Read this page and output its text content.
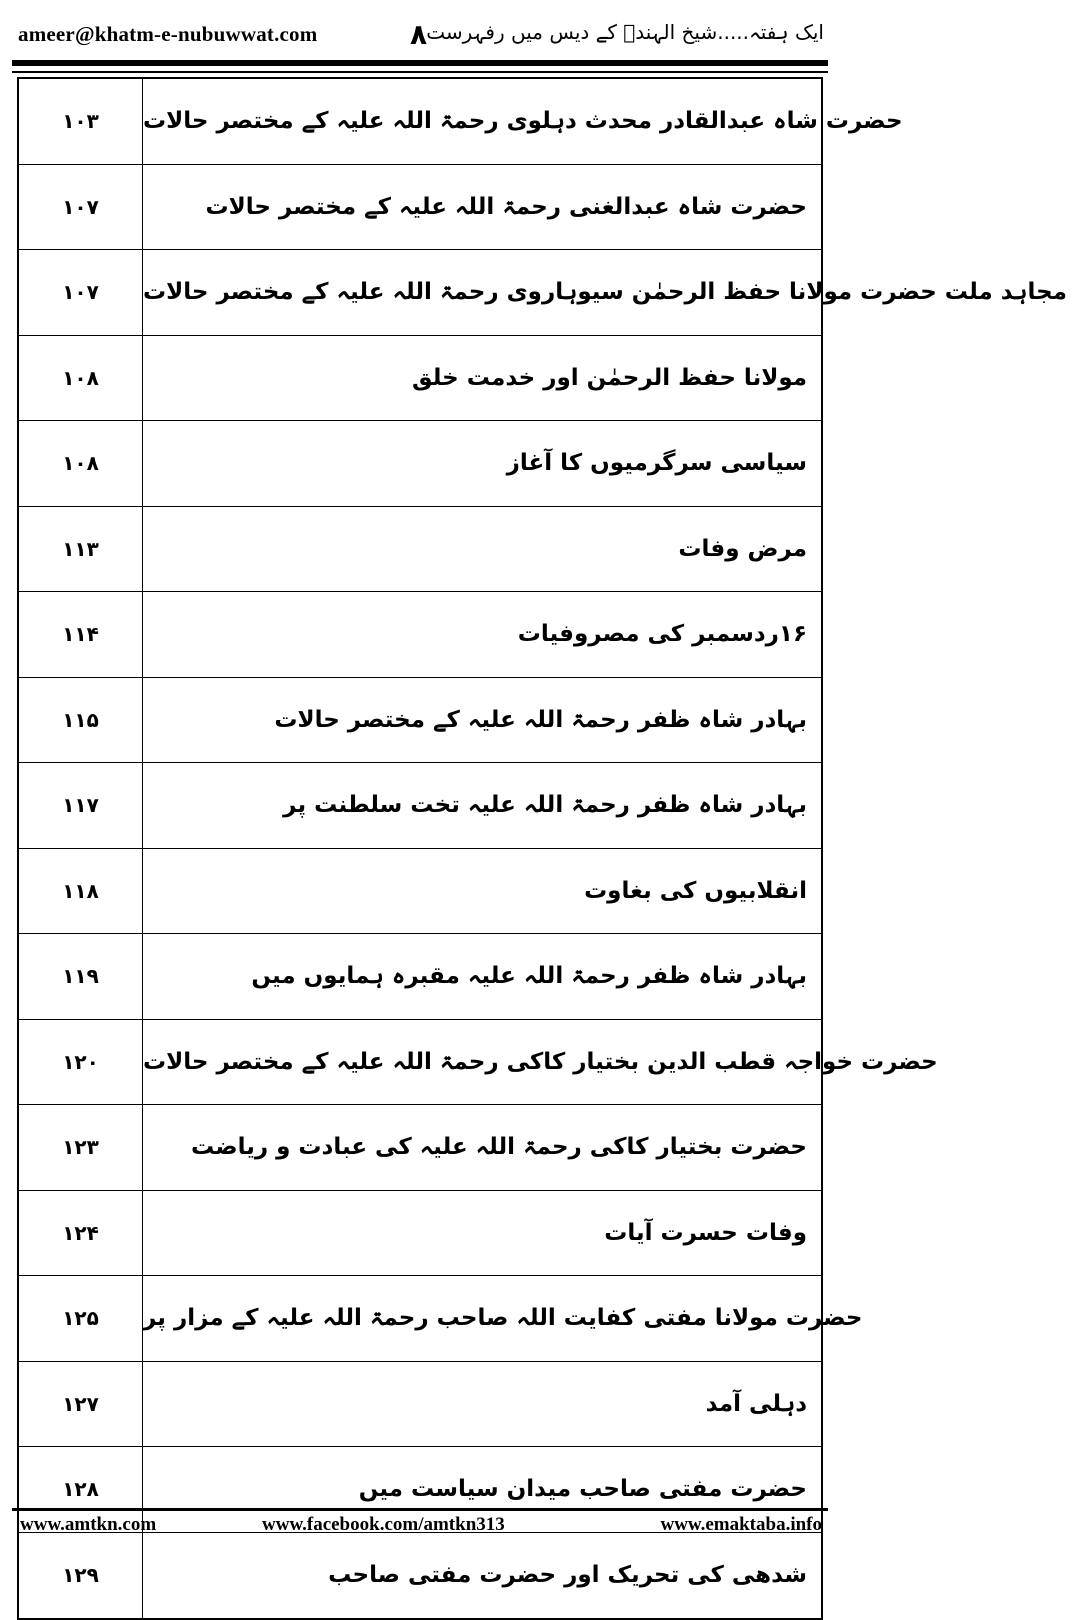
ameer@khatm-e-nubuwwat.com	۸ ایک ہفتہ.....شیخ الہندؒ کے دیس میں رفہرست
۱۰۳	حضرت شاہ عبدالقادر محدث دہلوی رحمۃ اللہ علیہ کے مختصر حالات
۱۰۷	حضرت شاہ عبدالغنی رحمۃ اللہ علیہ کے مختصر حالات
۱۰۷	مجاہد ملت حضرت مولانا حفظ الرحمٰن سیوہاروی رحمۃ اللہ علیہ کے مختصر حالات
۱۰۸	مولانا حفظ الرحمٰن اور خدمت خلق
۱۰۸	سیاسی سرگرمیوں کا آغاز
۱۱۳	مرض وفات
۱۱۴	۱۶ردسمبر کی مصروفیات
۱۱۵	بہادر شاہ ظفر رحمۃ اللہ علیہ کے مختصر حالات
۱۱۷	بہادر شاہ ظفر رحمۃ اللہ علیہ تخت سلطنت پر
۱۱۸	انقلابیوں کی بغاوت
۱۱۹	بہادر شاہ ظفر رحمۃ اللہ علیہ مقبرہ ہمایوں میں
۱۲۰	حضرت خواجہ قطب الدین بختیار کاکی رحمۃ اللہ علیہ کے مختصر حالات
۱۲۳	حضرت بختیار کاکی رحمۃ اللہ علیہ کی عبادت و ریاضت
۱۲۴	وفات حسرت آیات
۱۲۵	حضرت مولانا مفتی کفایت اللہ صاحب رحمۃ اللہ علیہ کے مزار پر
۱۲۷	دہلی آمد
۱۲۸	حضرت مفتی صاحب میدان سیاست میں
۱۲۹	شدھی کی تحریک اور حضرت مفتی صاحب
www.amtkn.com	www.facebook.com/amtkn313	www.emaktaba.info
